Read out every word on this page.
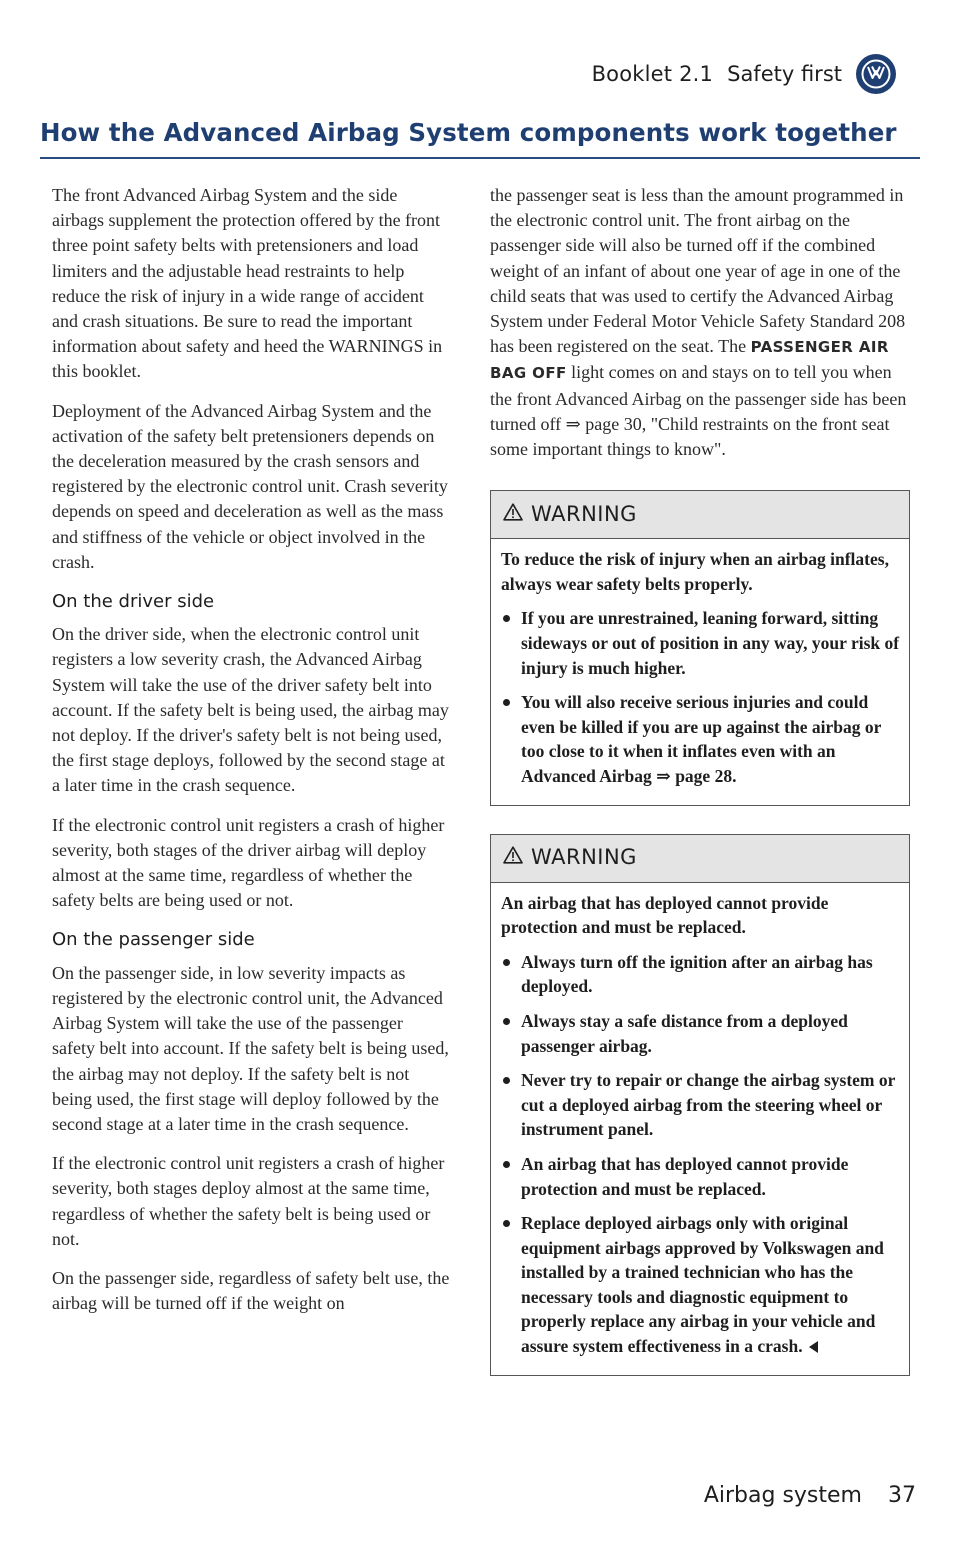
Booklet 2.1 Safety first
How the Advanced Airbag System components work together

The front Advanced Airbag System and the side airbags supplement the protection offered by the front three point safety belts with pretensioners and load limiters and the adjustable head restraints to help reduce the risk of injury in a wide range of accident and crash situations. Be sure to read the important information about safety and heed the WARNINGS in this booklet.

Deployment of the Advanced Airbag System and the activation of the safety belt pretensioners depends on the deceleration measured by the crash sensors and registered by the electronic control unit. Crash severity depends on speed and deceleration as well as the mass and stiffness of the vehicle or object involved in the crash.

On the driver side

On the driver side, when the electronic control unit registers a low severity crash, the Advanced Airbag System will take the use of the driver safety belt into account. If the safety belt is being used, the airbag may not deploy. If the driver's safety belt is not being used, the first stage deploys, followed by the second stage at a later time in the crash sequence.

If the electronic control unit registers a crash of higher severity, both stages of the driver airbag will deploy almost at the same time, regardless of whether the safety belts are being used or not.

On the passenger side

On the passenger side, in low severity impacts as registered by the electronic control unit, the Advanced Airbag System will take the use of the passenger safety belt into account. If the safety belt is being used, the airbag may not deploy. If the safety belt is not being used, the first stage will deploy followed by the second stage at a later time in the crash sequence.

If the electronic control unit registers a crash of higher severity, both stages deploy almost at the same time, regardless of whether the safety belt is being used or not.

On the passenger side, regardless of safety belt use, the airbag will be turned off if the weight on

the passenger seat is less than the amount programmed in the electronic control unit. The front airbag on the passenger side will also be turned off if the combined weight of an infant of about one year of age in one of the child seats that was used to certify the Advanced Airbag System under Federal Motor Vehicle Safety Standard 208 has been registered on the seat. The PASSENGER AIR BAG OFF light comes on and stays on to tell you when the front Advanced Airbag on the passenger side has been turned off ⇒ page 30, "Child restraints on the front seat some important things to know".

WARNING

To reduce the risk of injury when an airbag inflates, always wear safety belts properly.

If you are unrestrained, leaning forward, sitting sideways or out of position in any way, your risk of injury is much higher.
You will also receive serious injuries and could even be killed if you are up against the airbag or too close to it when it inflates even with an Advanced Airbag ⇒ page 28.
WARNING

An airbag that has deployed cannot provide protection and must be replaced.

Always turn off the ignition after an airbag has deployed.
Always stay a safe distance from a deployed passenger airbag.
Never try to repair or change the airbag system or cut a deployed airbag from the steering wheel or instrument panel.
An airbag that has deployed cannot provide protection and must be replaced.
Replace deployed airbags only with original equipment airbags approved by Volkswagen and installed by a trained technician who has the necessary tools and diagnostic equipment to properly replace any airbag in your vehicle and assure system effectiveness in a crash.
Airbag system 37
